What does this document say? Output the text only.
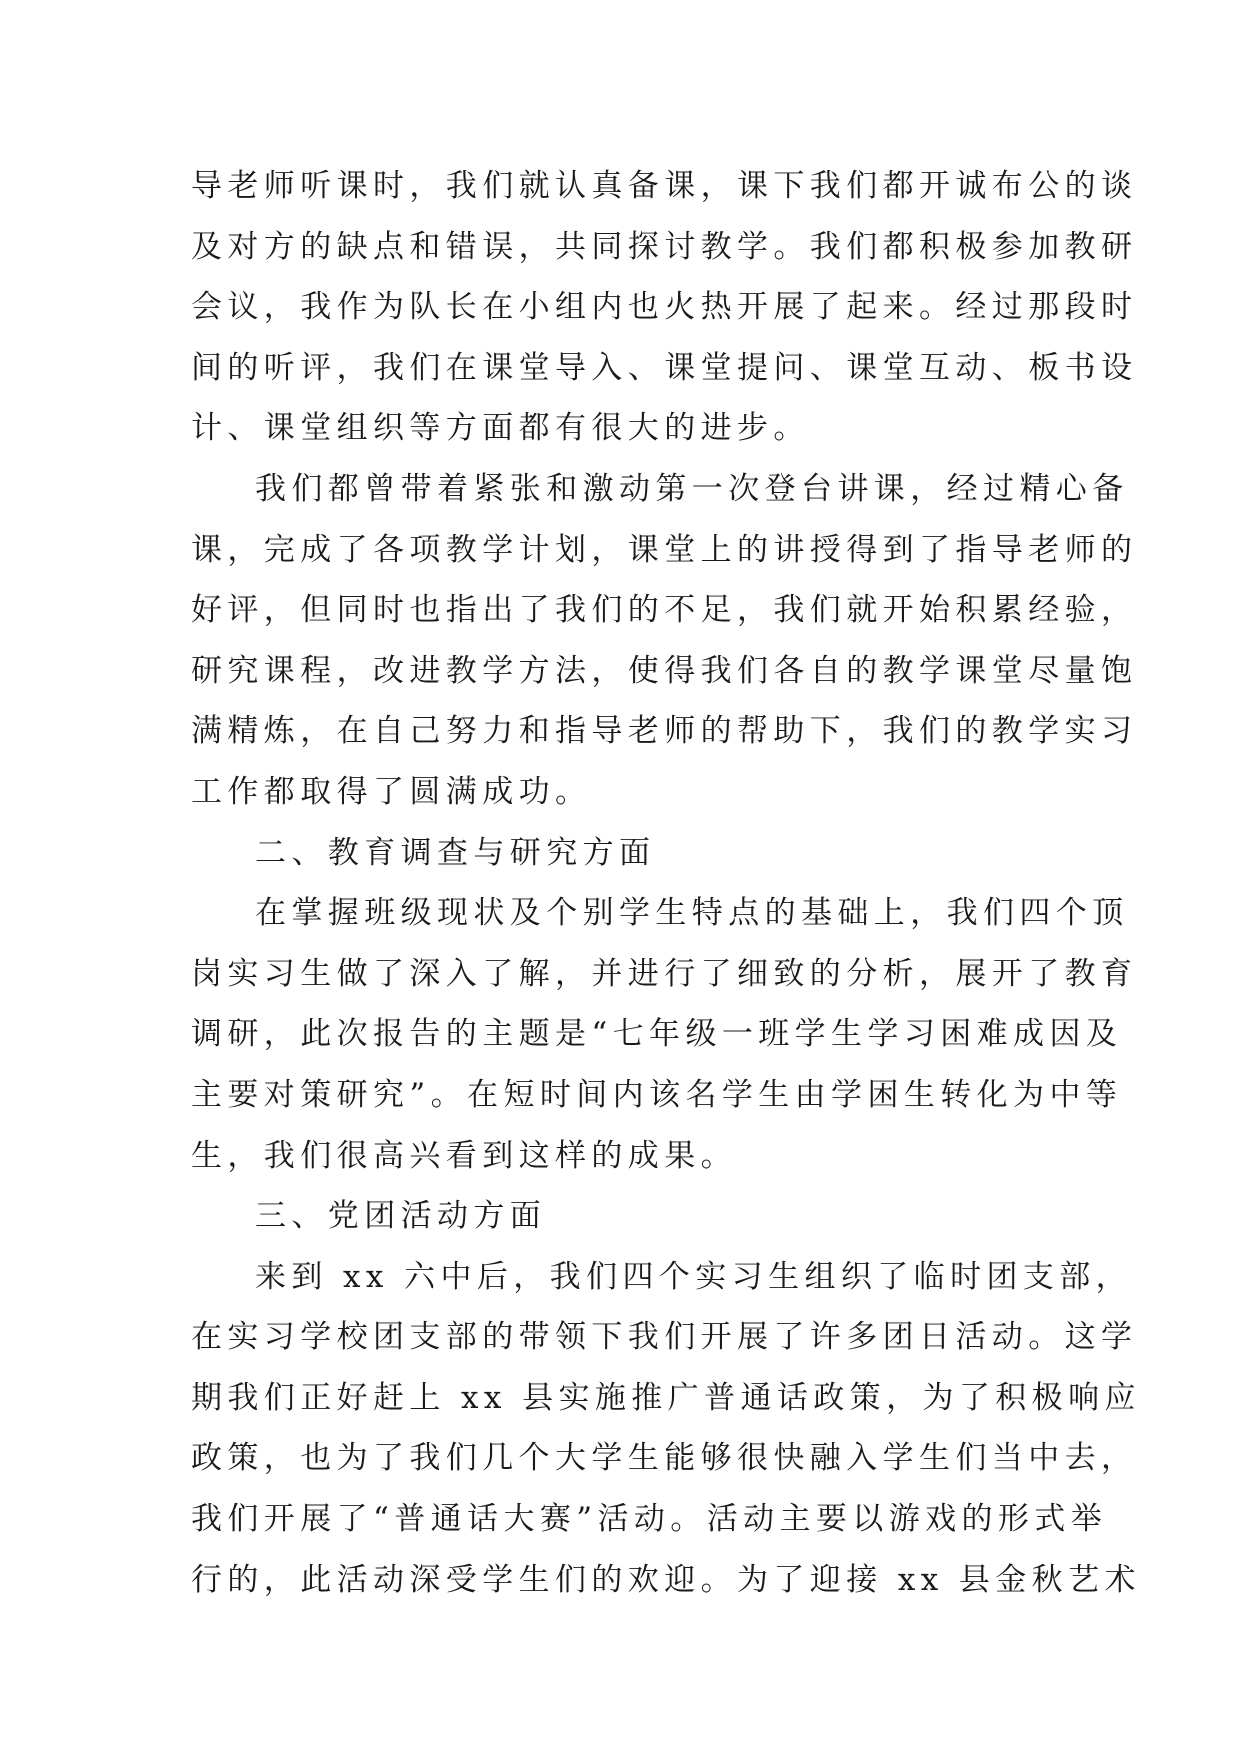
导老师听课时，我们就认真备课，课下我们都开诚布公的谈
及对方的缺点和错误，共同探讨教学。我们都积极参加教研
会议，我作为队长在小组内也火热开展了起来。经过那段时
间的听评，我们在课堂导入、课堂提问、课堂互动、板书设
计、课堂组织等方面都有很大的进步。
我们都曾带着紧张和激动第一次登台讲课，经过精心备
课，完成了各项教学计划，课堂上的讲授得到了指导老师的
好评，但同时也指出了我们的不足，我们就开始积累经验，
研究课程，改进教学方法，使得我们各自的教学课堂尽量饱
满精炼，在自己努力和指导老师的帮助下，我们的教学实习
工作都取得了圆满成功。
二、教育调查与研究方面
在掌握班级现状及个别学生特点的基础上，我们四个顶
岗实习生做了深入了解，并进行了细致的分析，展开了教育
调研，此次报告的主题是“七年级一班学生学习困难成因及
主要对策研究”。在短时间内该名学生由学困生转化为中等
生，我们很高兴看到这样的成果。
三、党团活动方面
来到 xx 六中后，我们四个实习生组织了临时团支部，
在实习学校团支部的带领下我们开展了许多团日活动。这学
期我们正好赶上 xx 县实施推广普通话政策，为了积极响应
政策，也为了我们几个大学生能够很快融入学生们当中去，
我们开展了“普通话大赛”活动。活动主要以游戏的形式举
行的，此活动深受学生们的欢迎。为了迎接 xx 县金秋艺术
